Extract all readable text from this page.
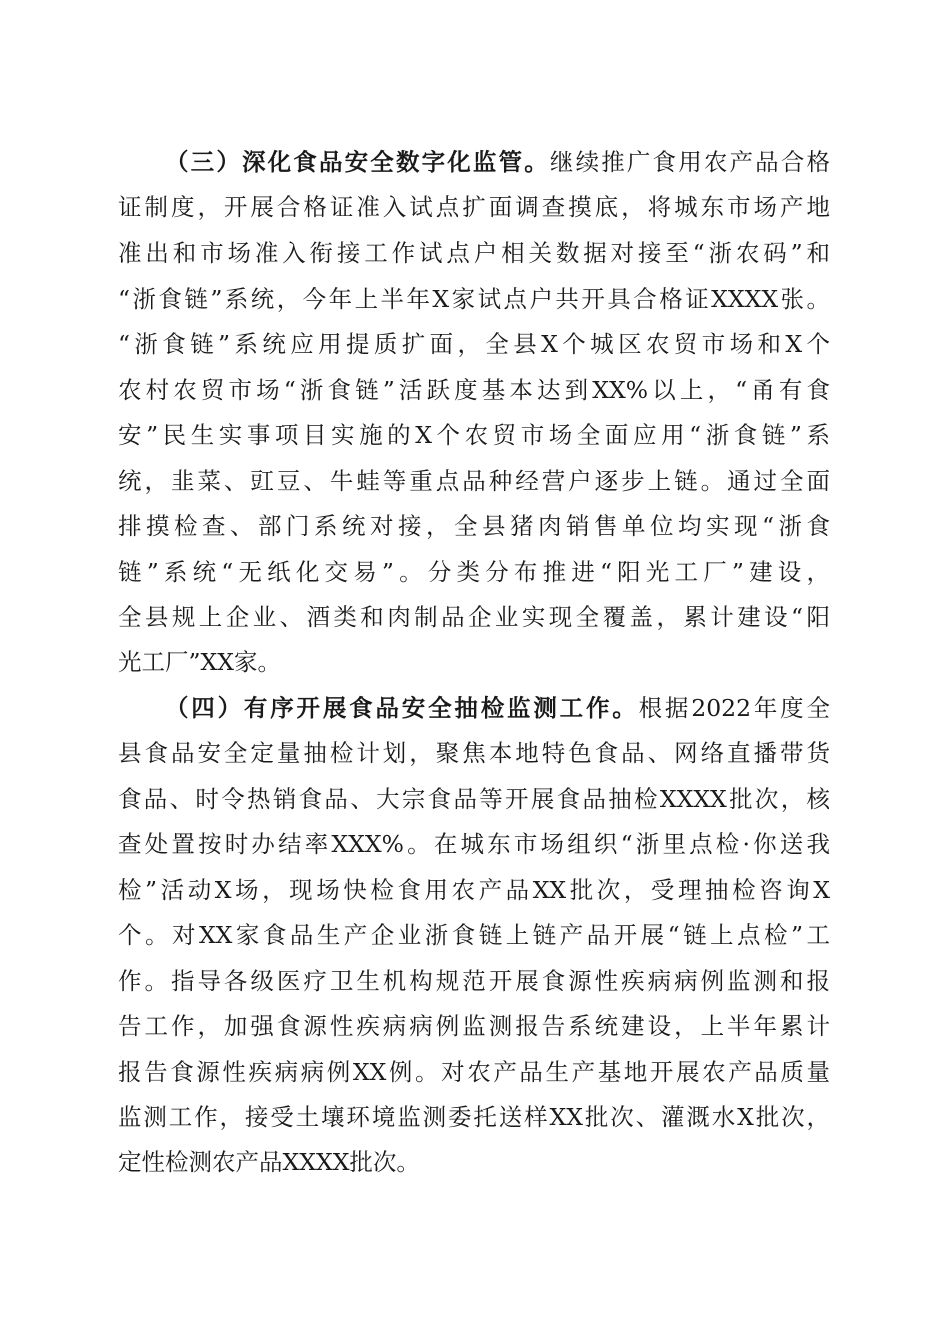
（三）深化食品安全数字化监管。继续推广食用农产品合格
证制度，开展合格证准入试点扩面调查摸底，将城东市场产地
准出和市场准入衔接工作试点户相关数据对接至“浙农码”和
“浙食链”系统，今年上半年X家试点户共开具合格证XXXX张。
“浙食链”系统应用提质扩面，全县X个城区农贸市场和X个
农村农贸市场“浙食链”活跃度基本达到XX%以上，“甬有食
安”民生实事项目实施的X个农贸市场全面应用“浙食链”系
统，韭菜、豇豆、牛蛙等重点品种经营户逐步上链。通过全面
排摸检查、部门系统对接，全县猪肉销售单位均实现“浙食
链”系统“无纸化交易”。分类分布推进“阳光工厂”建设，
全县规上企业、酒类和肉制品企业实现全覆盖，累计建设“阳
光工厂”XX家。
（四）有序开展食品安全抽检监测工作。根据2022年度全
县食品安全定量抽检计划，聚焦本地特色食品、网络直播带货
食品、时令热销食品、大宗食品等开展食品抽检XXXX批次，核
查处置按时办结率XXX%。在城东市场组织“浙里点检·你送我
检”活动X场，现场快检食用农产品XX批次，受理抽检咨询X
个。对XX家食品生产企业浙食链上链产品开展“链上点检”工
作。指导各级医疗卫生机构规范开展食源性疾病病例监测和报
告工作，加强食源性疾病病例监测报告系统建设，上半年累计
报告食源性疾病病例XX例。对农产品生产基地开展农产品质量
监测工作，接受土壤环境监测委托送样XX批次、灌溉水X批次，
定性检测农产品XXXX批次。
